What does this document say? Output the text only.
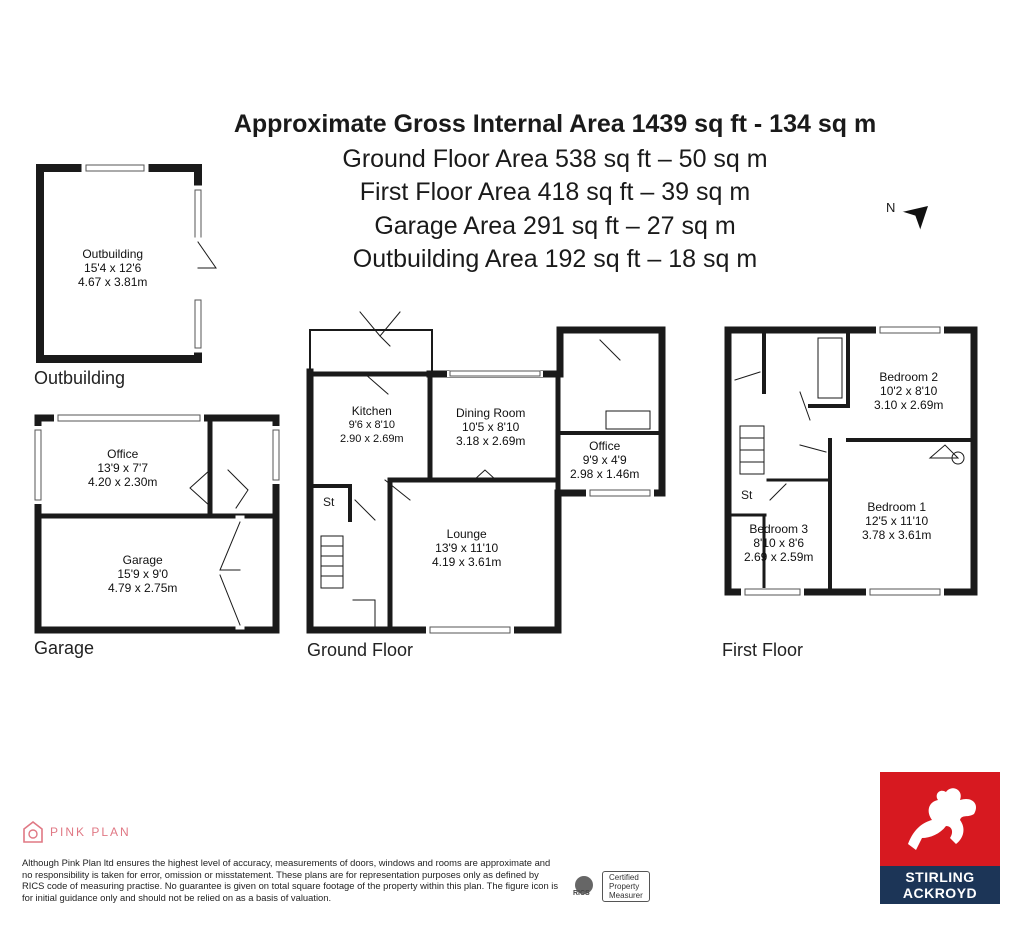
Approximate Gross Internal Area 1439 sq ft - 134 sq m
Ground Floor Area 538 sq ft – 50 sq m
First Floor Area 418 sq ft – 39 sq m
Garage Area 291 sq ft – 27 sq m
Outbuilding Area 192 sq ft – 18 sq m
N
Outbuilding
Garage	Ground Floor	First Floor
Outbuilding
15'4 x 12'6
4.67 x 3.81m
Office
13'9 x 7'7
4.20 x 2.30m
Garage
15'9 x 9'0
4.79 x 2.75m
Kitchen
9'6 x 8'10
2.90 x 2.69m
Dining Room
10'5 x 8'10
3.18 x 2.69m	Office
9'9 x 4'9
2.98 x 1.46m
Lounge
13'9 x 11'10
4.19 x 3.61m
Bedroom 2
10'2 x 8'10
3.10 x 2.69m
Bedroom 1
12'5 x 11'10
3.78 x 3.61m
Bedroom 3
8'10 x 8'6
2.69 x 2.59m
St	St
PINK PLAN
Although Pink Plan ltd ensures the highest level of accuracy, measurements of doors, windows and rooms are approximate and no responsibility is taken for error, omission or misstatement. These plans are for representation purposes only as defined by RICS code of measuring practise. No guarantee is given on total square footage of the property within this plan. The figure icon is for initial guidance only and should not be relied on as a basis of valuation.	RICS
Certified
Property
Measurer
STIRLING
ACKROYD
